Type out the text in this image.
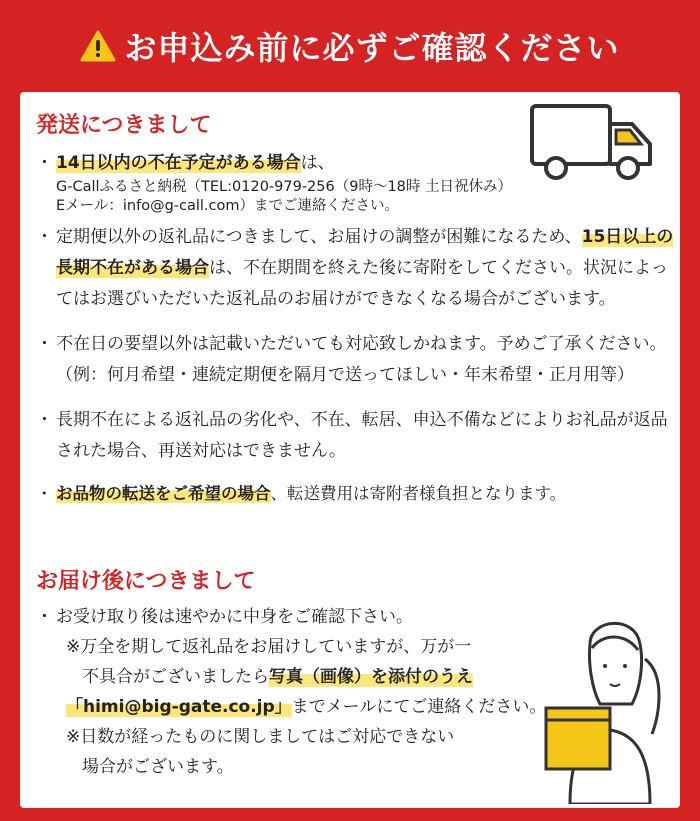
お申込み前に必ずご確認ください
発送につきまして
・ 14日以内の不在予定がある場合は、
G-Callふるさと納税（TEL:0120-979-256（9時〜18時 土日祝休み）
Eメール：info@g-call.com）までご連絡ください。
・ 定期便以外の返礼品につきまして、お届けの調整が困難になるため、15日以上の長期不在がある場合は、不在期間を終えた後に寄附をしてください。状況によってはお選びいただいた返礼品のお届けができなくなる場合がございます。
・ 不在日の要望以外は記載いただいても対応致しかねます。予めご了承ください。（例：何月希望・連続定期便を隔月で送ってほしい・年末希望・正月用等）
・ 長期不在による返礼品の劣化や、不在、転居、申込不備などによりお礼品が返品された場合、再送対応はできません。
・ お品物の転送をご希望の場合、転送費用は寄附者様負担となります。
お届け後につきまして
・ お受け取り後は速やかに中身をご確認下さい。
※万全を期して返礼品をお届けしていますが、万が一
不具合がございましたら写真（画像）を添付のうえ
「himi@big-gate.co.jp」までメールにてご連絡ください。
※日数が経ったものに関しましてはご対応できない
場合がございます。
